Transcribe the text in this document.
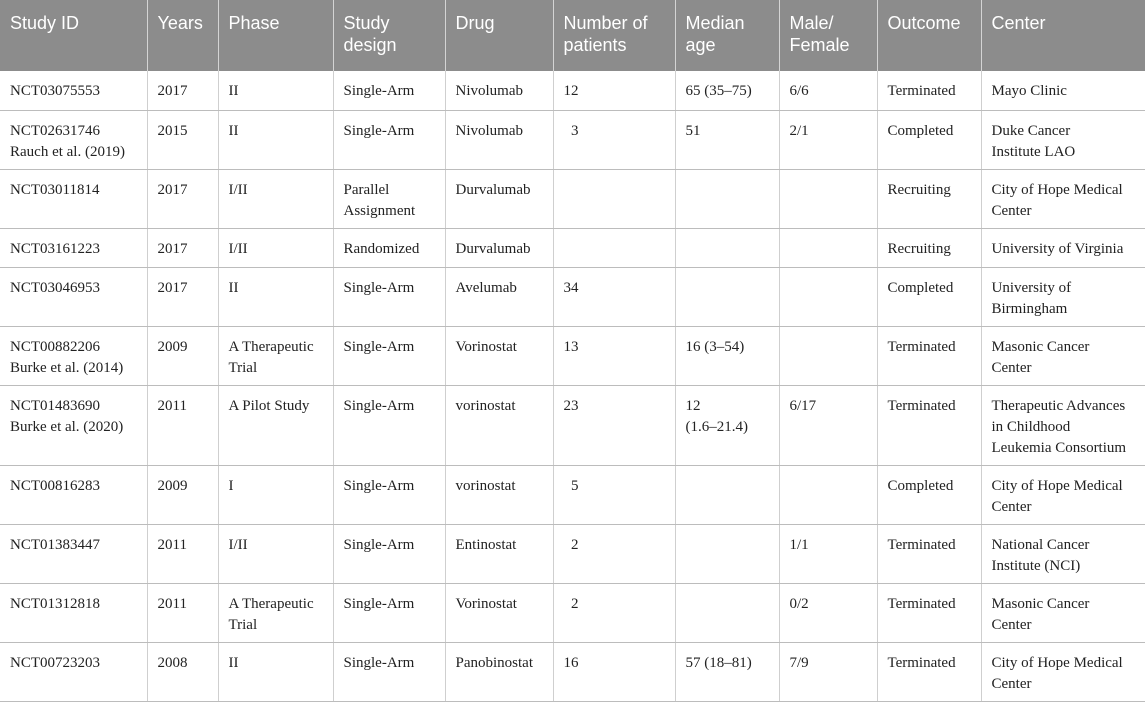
Study ID	Years	Phase	Study
design	Drug	Number of
patients	Median
age	Male/
Female	Outcome	Center
NCT03075553	2017	II	Single-Arm	Nivolumab	12	65 (35–75)	6/6	Terminated	Mayo Clinic
NCT02631746
Rauch et al. (2019)	2015	II	Single-Arm	Nivolumab	3	51	2/1	Completed	Duke Cancer
Institute LAO
NCT03011814	2017	I/II	Parallel
Assignment	Durvalumab				Recruiting	City of Hope Medical
Center
NCT03161223	2017	I/II	Randomized	Durvalumab				Recruiting	University of Virginia
NCT03046953	2017	II	Single-Arm	Avelumab	34			Completed	University of
Birmingham
NCT00882206
Burke et al. (2014)	2009	A Therapeutic
Trial	Single-Arm	Vorinostat	13	16 (3–54)		Terminated	Masonic Cancer
Center
NCT01483690
Burke et al. (2020)	2011	A Pilot Study	Single-Arm	vorinostat	23	12
(1.6–21.4)	6/17	Terminated	Therapeutic Advances
in Childhood
Leukemia Consortium
NCT00816283	2009	I	Single-Arm	vorinostat	5			Completed	City of Hope Medical
Center
NCT01383447	2011	I/II	Single-Arm	Entinostat	2		1/1	Terminated	National Cancer
Institute (NCI)
NCT01312818	2011	A Therapeutic
Trial	Single-Arm	Vorinostat	2		0/2	Terminated	Masonic Cancer
Center
NCT00723203	2008	II	Single-Arm	Panobinostat	16	57 (18–81)	7/9	Terminated	City of Hope Medical
Center
